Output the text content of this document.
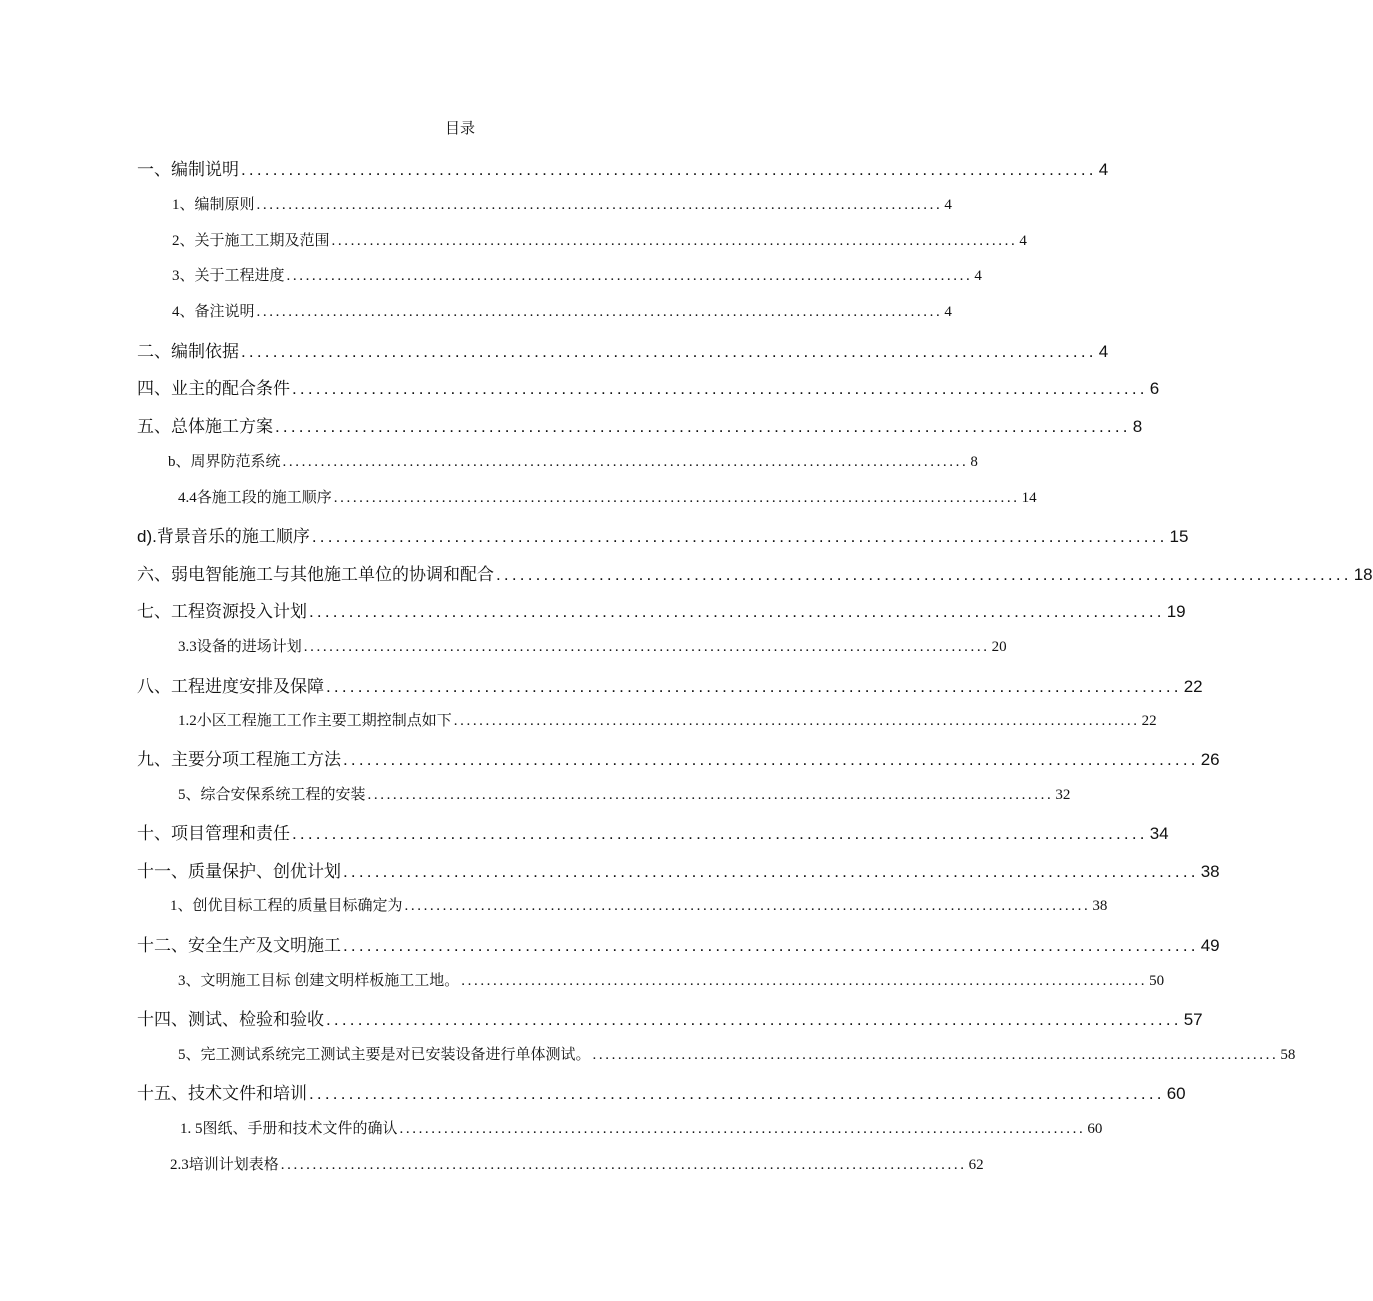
目录
一、编制说明 ............................................................................................................ 4
1、编制原则 ............................................................................................................ 4
2、关于施工工期及范围 ............................................................................................................ 4
3、关于工程进度 ............................................................................................................ 4
4、备注说明 ............................................................................................................ 4
二、编制依据 ............................................................................................................ 4
四、业主的配合条件 ............................................................................................................ 6
五、总体施工方案 ............................................................................................................ 8
b、周界防范系统 ............................................................................................................ 8
4.4各施工段的施工顺序 ............................................................................................................ 14
d).背景音乐的施工顺序 ............................................................................................................ 15
六、弱电智能施工与其他施工单位的协调和配合 ............................................................................................................ 18
七、工程资源投入计划 ............................................................................................................ 19
3.3设备的进场计划 ............................................................................................................ 20
八、工程进度安排及保障 ............................................................................................................ 22
1.2小区工程施工工作主要工期控制点如下 ............................................................................................................ 22
九、主要分项工程施工方法 ............................................................................................................ 26
5、综合安保系统工程的安装 ............................................................................................................ 32
十、项目管理和责任 ............................................................................................................ 34
十一、质量保护、创优计划 ............................................................................................................ 38
1、创优目标工程的质量目标确定为 ............................................................................................................ 38
十二、安全生产及文明施工 ............................................................................................................ 49
3、文明施工目标 创建文明样板施工工地。 ............................................................................................................ 50
十四、测试、检验和验收 ............................................................................................................ 57
5、完工测试系统完工测试主要是对已安装设备进行单体测试。 ............................................................................................................ 58
十五、技术文件和培训 ............................................................................................................ 60
1. 5图纸、手册和技术文件的确认 ............................................................................................................ 60
2.3培训计划表格 ............................................................................................................ 62
